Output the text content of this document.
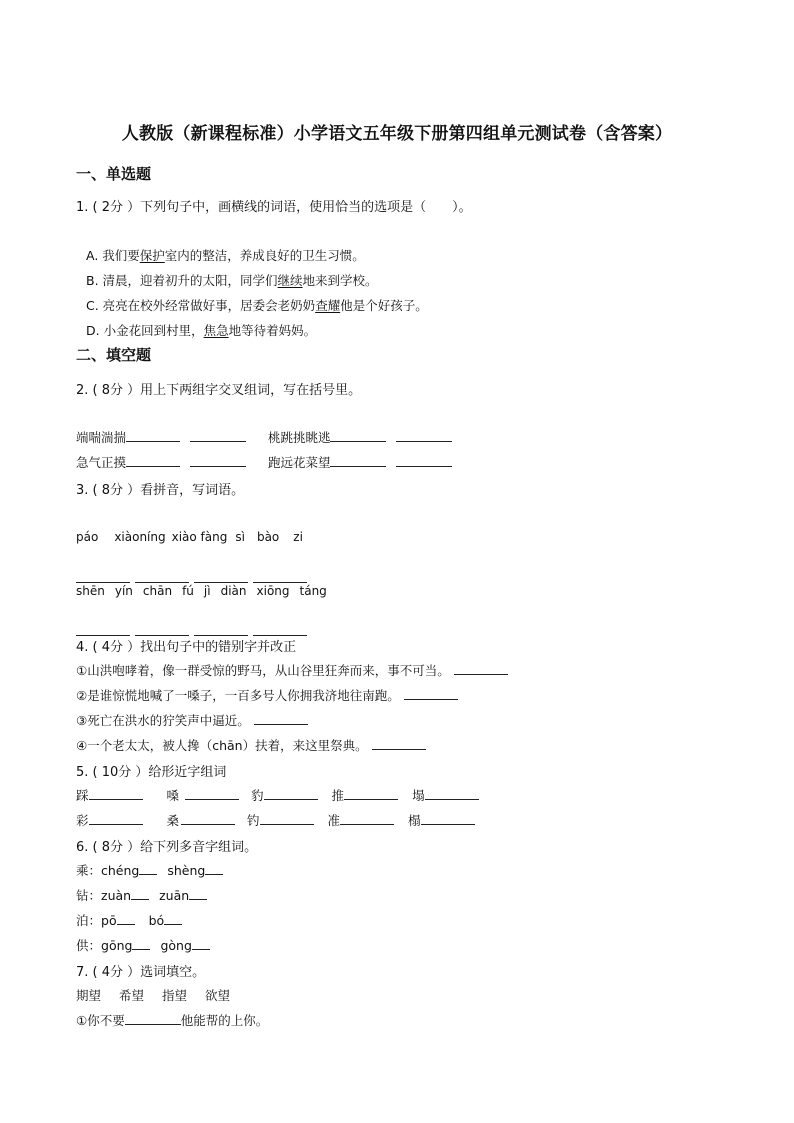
人教版（新课程标准）小学语文五年级下册第四组单元测试卷（含答案）
一、单选题
1. ( 2分 ）下列句子中，画横线的词语，使用恰当的选项是（　　）。
A. 我们要保护室内的整洁，养成良好的卫生习惯。
B. 清晨，迎着初升的太阳，同学们继续地来到学校。
C. 亮亮在校外经常做好事，居委会老奶奶查耀他是个好孩子。
D. 小金花回到村里，焦急地等待着妈妈。
二、填空题
2. ( 8分 ）用上下两组字交叉组词，写在括号里。
端喘湍揣	桃跳挑眺逃
急气正摸	跑远花菜望
3. ( 8分 ）看拼音，写词语。
páo xiàoníng xiào fàng sì bào zi
shēn yín chān fú jì diàn xiōng táng
4. ( 4分 ）找出句子中的错别字并改正
①山洪咆哮着，像一群受惊的野马，从山谷里狂奔而来，事不可当。
②是谁惊慌地喊了一嗓子，一百多号人你拥我济地往南跑。
③死亡在洪水的狞笑声中逼近。
④一个老太太，被人搀（chān）扶着，来这里祭典。
5. ( 10分 ）给形近字组词
踩	嗓	豹	推	塌
彩	桑	钓	准	榻
6. ( 8分 ）给下列多音字组词。
乘：chéng shèng
钻：zuàn zuān
泊：pō	bó
供：gōng gòng
7. ( 4分 ）选词填空。
期望 希望 指望 欲望
①你不要	他能帮的上你。
